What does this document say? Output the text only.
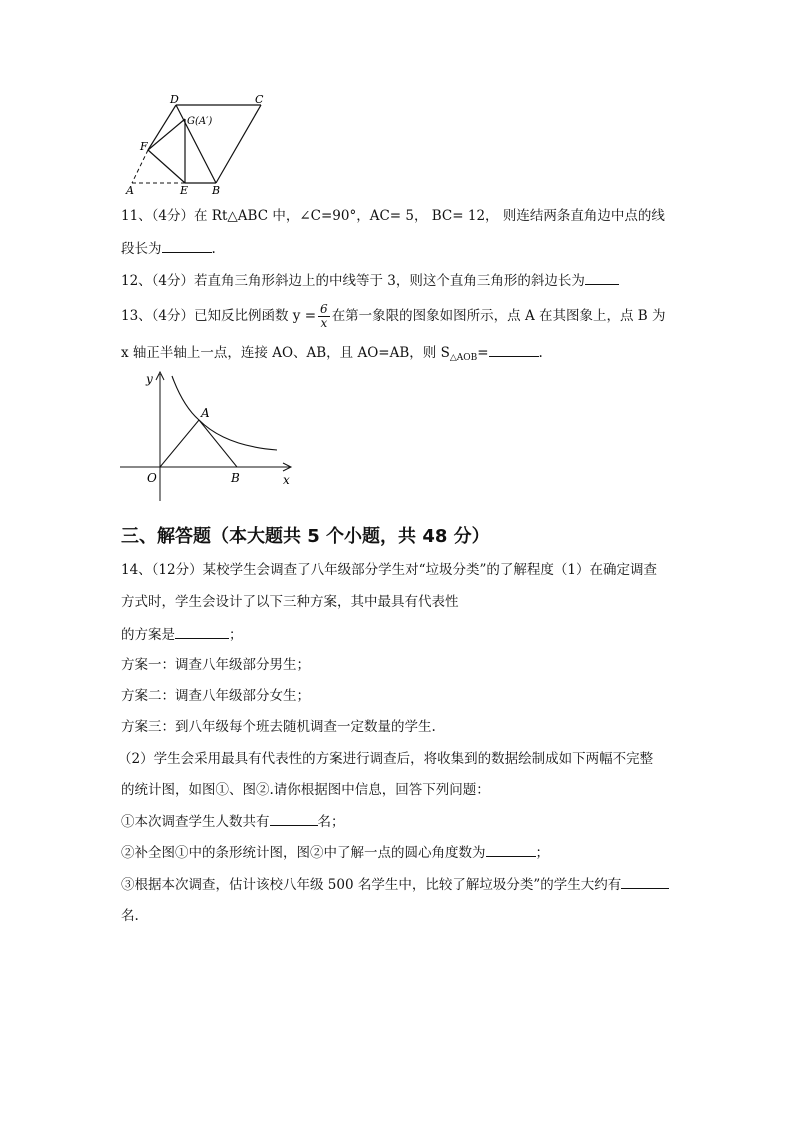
D	C
G(A′)
F
A	E B
11、（4分）在 Rt△ABC 中，∠C=90°，AC= 5， BC= 12， 则连结两条直角边中点的线
段长为	.
12、（4分）若直角三角形斜边上的中线等于 3，则这个直角三角形的斜边长为
13、（4分）已知反比例函数 $y = \frac{6}{x}$ 在第一象限的图象如图所示，点 A 在其图象上，点 B 为
x 轴正半轴上一点，连接 AO、AB，且 AO=AB，则 $S_{\triangle AOB}=$	.
y
x
O
A
B
三、解答题（本大题共 5 个小题，共 48 分）
14、（12分）某校学生会调查了八年级部分学生对“垃圾分类”的了解程度（1）在确定调查
方式时，学生会设计了以下三种方案，其中最具有代表性
的方案是	；
方案一：调查八年级部分男生；
方案二：调查八年级部分女生；
方案三：到八年级每个班去随机调查一定数量的学生.
（2）学生会采用最具有代表性的方案进行调查后，将收集到的数据绘制成如下两幅不完整
的统计图，如图①、图②.请你根据图中信息，回答下列问题：
①本次调查学生人数共有	名；
②补全图①中的条形统计图，图②中了解一点的圆心角度数为	；
③根据本次调查，估计该校八年级 500 名学生中，比较了解垃圾分类”的学生大约有
名.
